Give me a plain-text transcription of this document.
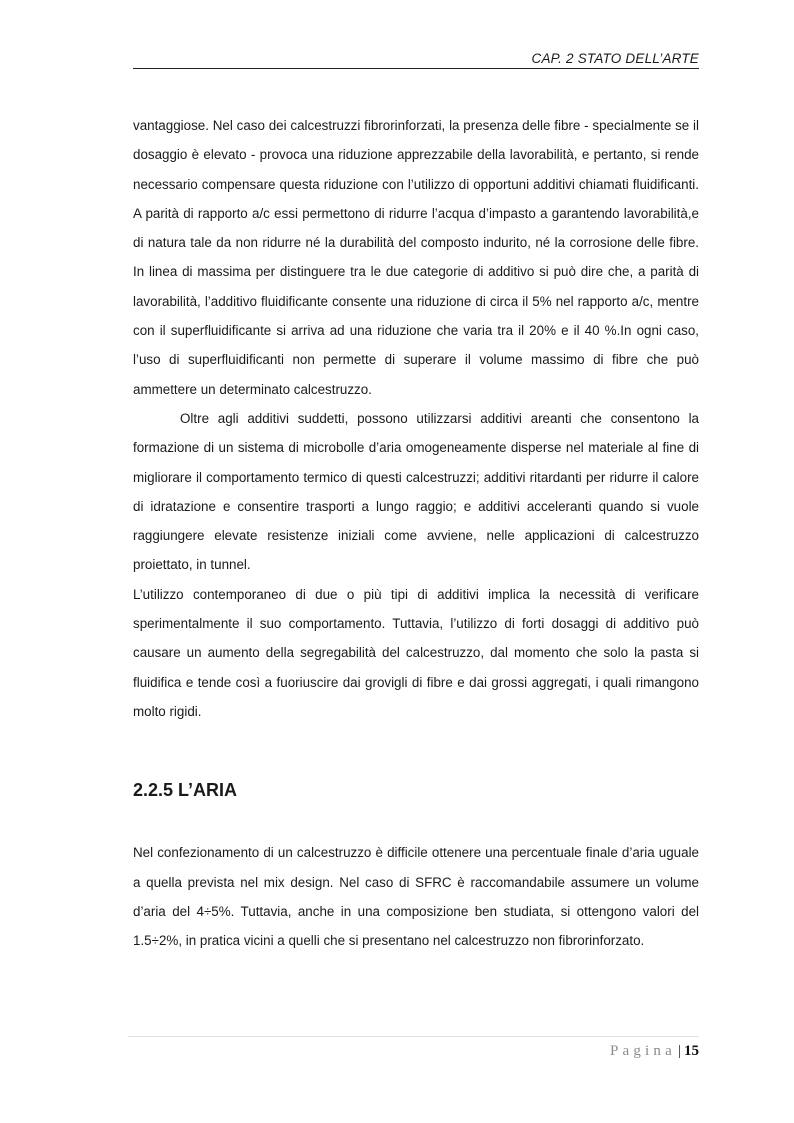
CAP. 2 STATO DELL’ARTE

vantaggiose. Nel caso dei calcestruzzi fibrorinforzati, la presenza delle fibre - specialmente se il dosaggio è elevato - provoca una riduzione apprezzabile della lavorabilità, e pertanto, si rende necessario compensare questa riduzione con l’utilizzo di opportuni additivi chiamati fluidificanti. A parità di rapporto a/c essi permettono di ridurre l’acqua d’impasto a garantendo lavorabilità,e di natura tale da non ridurre né la durabilità del composto indurito, né la corrosione delle fibre. In linea di massima per distinguere tra le due categorie di additivo si può dire che, a parità di lavorabilità, l’additivo fluidificante consente una riduzione di circa il 5% nel rapporto a/c, mentre con il superfluidificante si arriva ad una riduzione che varia tra il 20% e il 40 %.In ogni caso, l’uso di superfluidificanti non permette di superare il volume massimo di fibre che può ammettere un determinato calcestruzzo.

Oltre agli additivi suddetti, possono utilizzarsi additivi areanti che consentono la formazione di un sistema di microbolle d’aria omogeneamente disperse nel materiale al fine di migliorare il comportamento termico di questi calcestruzzi; additivi ritardanti per ridurre il calore di idratazione e consentire trasporti a lungo raggio; e additivi acceleranti quando si vuole raggiungere elevate resistenze iniziali come avviene, nelle applicazioni di calcestruzzo proiettato, in tunnel.

L’utilizzo contemporaneo di due o più tipi di additivi implica la necessità di verificare sperimentalmente il suo comportamento. Tuttavia, l’utilizzo di forti dosaggi di additivo può causare un aumento della segregabilità del calcestruzzo, dal momento che solo la pasta si fluidifica e tende così a fuoriuscire dai grovigli di fibre e dai grossi aggregati, i quali rimangono molto rigidi.

2.2.5 L’ARIA

Nel confezionamento di un calcestruzzo è difficile ottenere una percentuale finale d’aria uguale a quella prevista nel mix design. Nel caso di SFRC è raccomandabile assumere un volume d’aria del 4÷5%. Tuttavia, anche in una composizione ben studiata, si ottengono valori del 1.5÷2%, in pratica vicini a quelli che si presentano nel calcestruzzo non fibrorinforzato.

Pagina | 15
